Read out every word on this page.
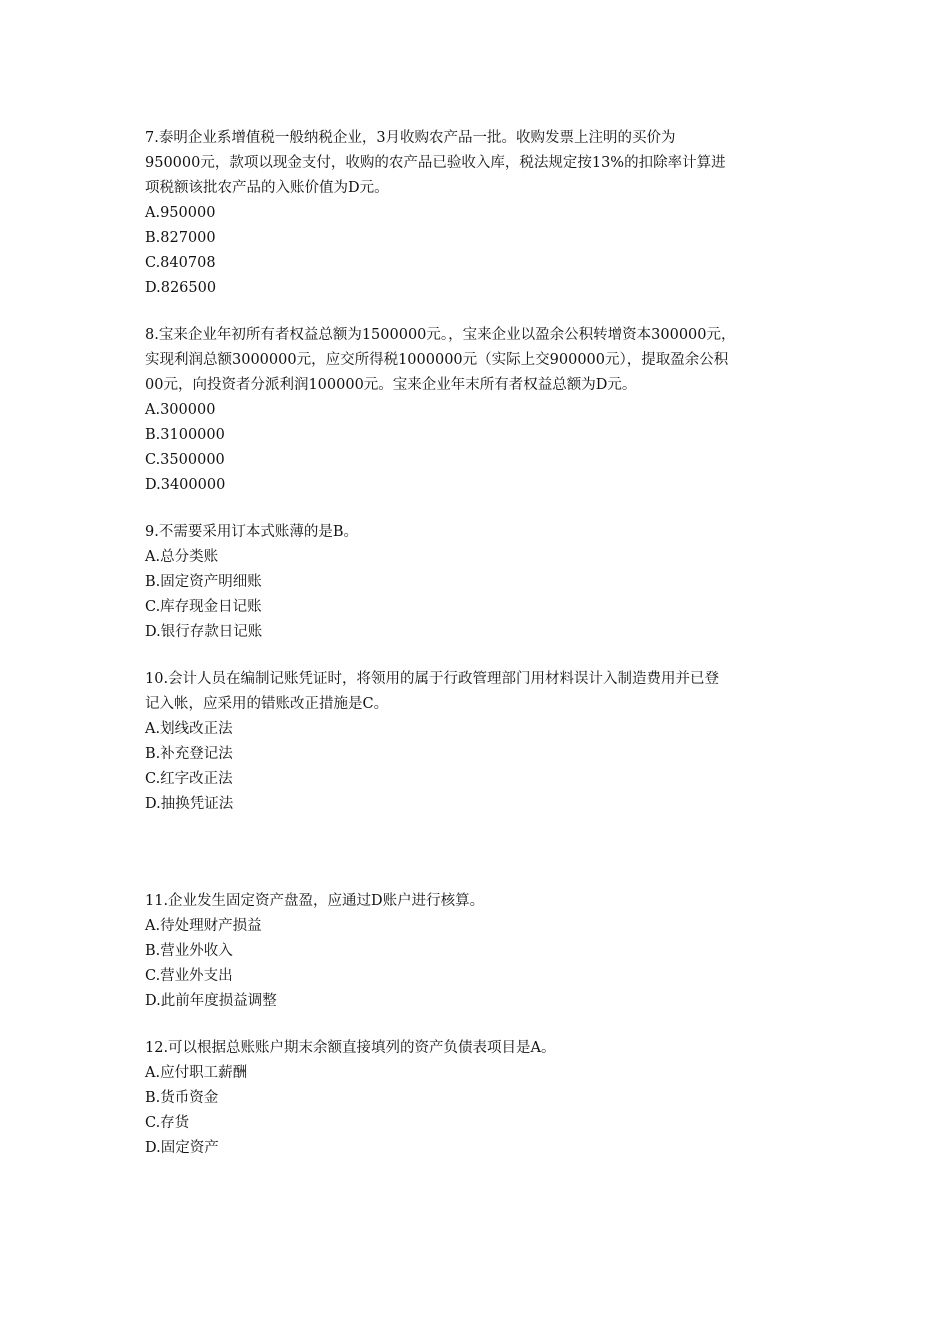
7.泰明企业系增值税一般纳税企业，3月收购农产品一批。收购发票上注明的买价为
950000元，款项以现金支付，收购的农产品已验收入库，税法规定按13%的扣除率计算进
项税额该批农产品的入账价值为D元。
A.950000
B.827000
C.840708
D.826500
8.宝来企业年初所有者权益总额为1500000元。，宝来企业以盈余公积转增资本300000元，
实现利润总额3000000元，应交所得税1000000元（实际上交900000元），提取盈余公积
00元，向投资者分派利润100000元。宝来企业年末所有者权益总额为D元。
A.300000
B.3100000
C.3500000
D.3400000
9.不需要采用订本式账薄的是B。
A.总分类账
B.固定资产明细账
C.库存现金日记账
D.银行存款日记账
10.会计人员在编制记账凭证时，将领用的属于行政管理部门用材料误计入制造费用并已登
记入帐，应采用的错账改正措施是C。
A.划线改正法
B.补充登记法
C.红字改正法
D.抽换凭证法
11.企业发生固定资产盘盈，应通过D账户进行核算。
A.待处理财产损益
B.营业外收入
C.营业外支出
D.此前年度损益调整
12.可以根据总账账户期末余额直接填列的资产负债表项目是A。
A.应付职工薪酬
B.货币资金
C.存货
D.固定资产
